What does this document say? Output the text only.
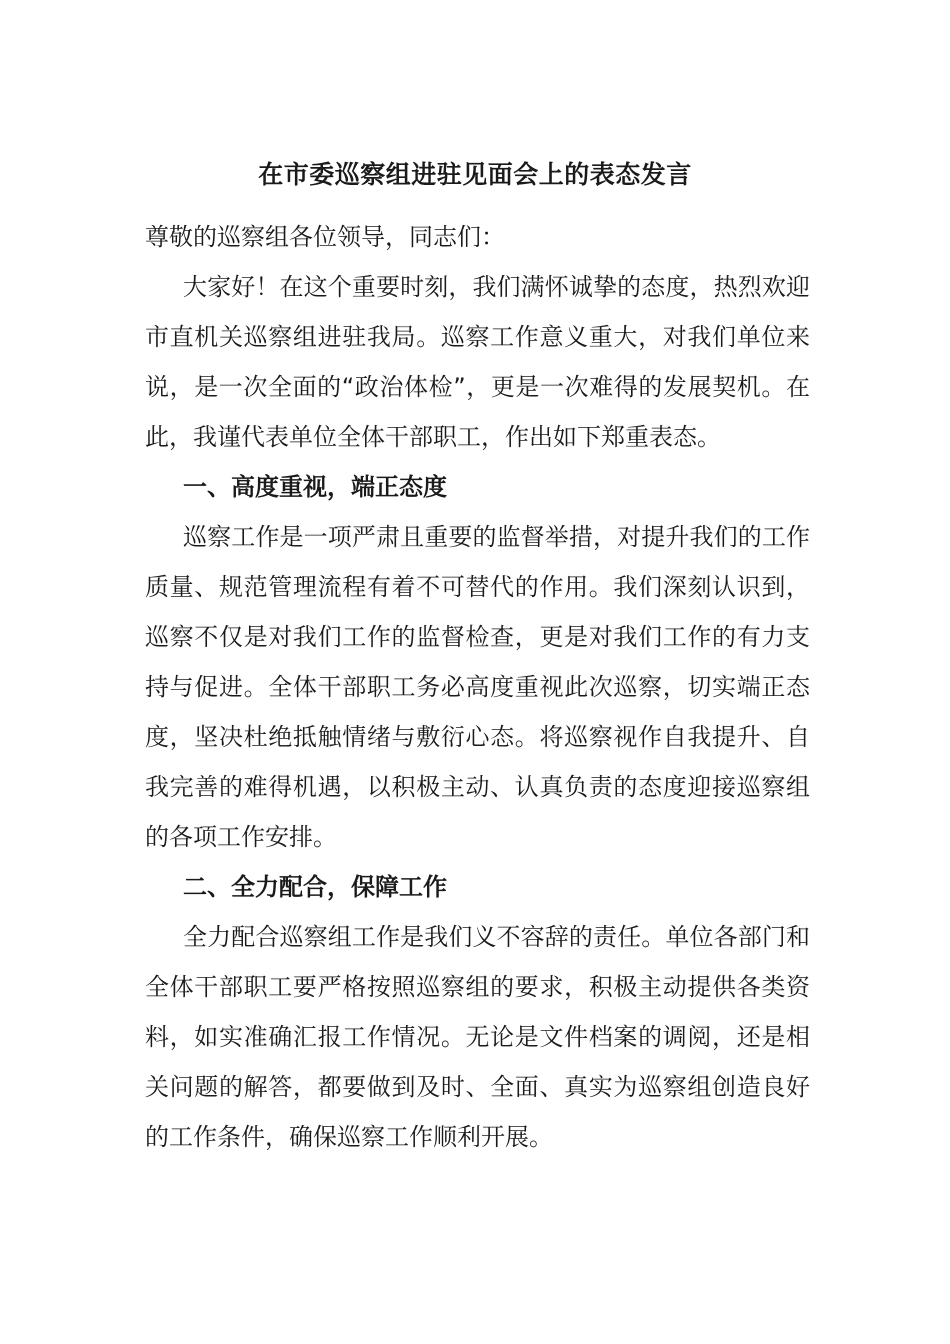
在市委巡察组进驻见面会上的表态发言

尊敬的巡察组各位领导，同志们：

大家好！在这个重要时刻，我们满怀诚挚的态度，热烈欢迎市直机关巡察组进驻我局。巡察工作意义重大，对我们单位来说，是一次全面的“政治体检”，更是一次难得的发展契机。在此，我谨代表单位全体干部职工，作出如下郑重表态。

一、高度重视，端正态度

巡察工作是一项严肃且重要的监督举措，对提升我们的工作质量、规范管理流程有着不可替代的作用。我们深刻认识到，巡察不仅是对我们工作的监督检查，更是对我们工作的有力支持与促进。全体干部职工务必高度重视此次巡察，切实端正态度，坚决杜绝抵触情绪与敷衍心态。将巡察视作自我提升、自我完善的难得机遇，以积极主动、认真负责的态度迎接巡察组的各项工作安排。

二、全力配合，保障工作

全力配合巡察组工作是我们义不容辞的责任。单位各部门和全体干部职工要严格按照巡察组的要求，积极主动提供各类资料，如实准确汇报工作情况。无论是文件档案的调阅，还是相关问题的解答，都要做到及时、全面、真实为巡察组创造良好的工作条件，确保巡察工作顺利开展。
